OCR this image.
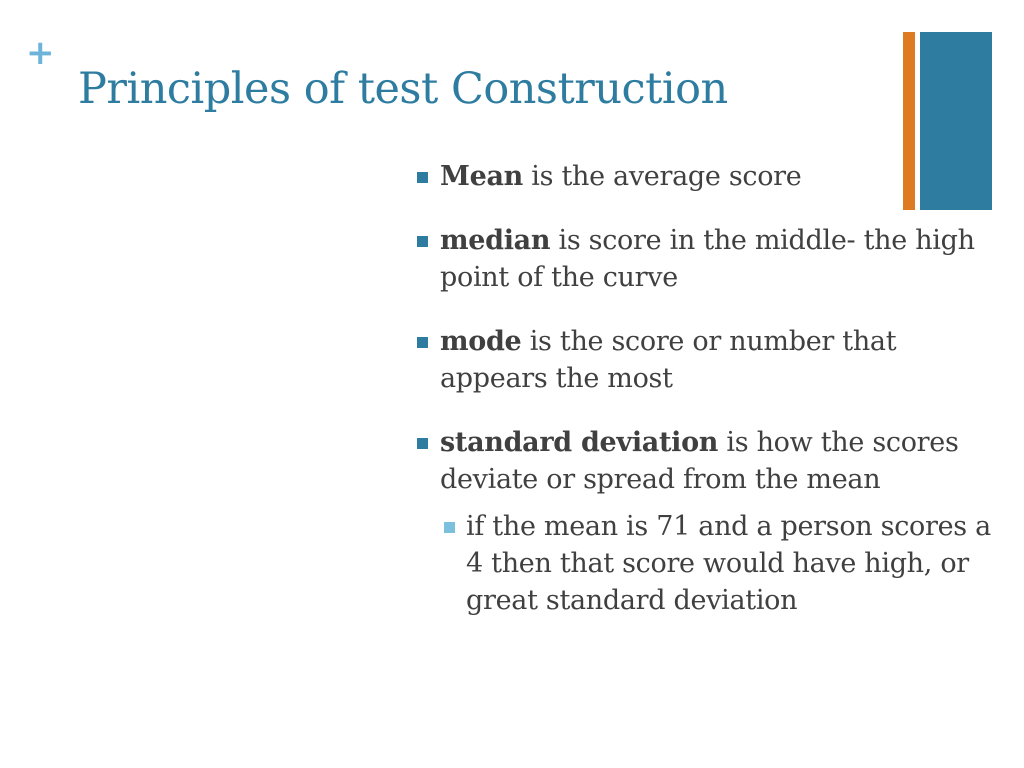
+
Principles of test Construction
Mean is the average score
median is score in the middle- the high point of the curve
mode is the score or number that appears the most
standard deviation is how the scores deviate or spread from the mean
if the mean is 71 and a person scores a 4 then that score would have high, or great standard deviation
